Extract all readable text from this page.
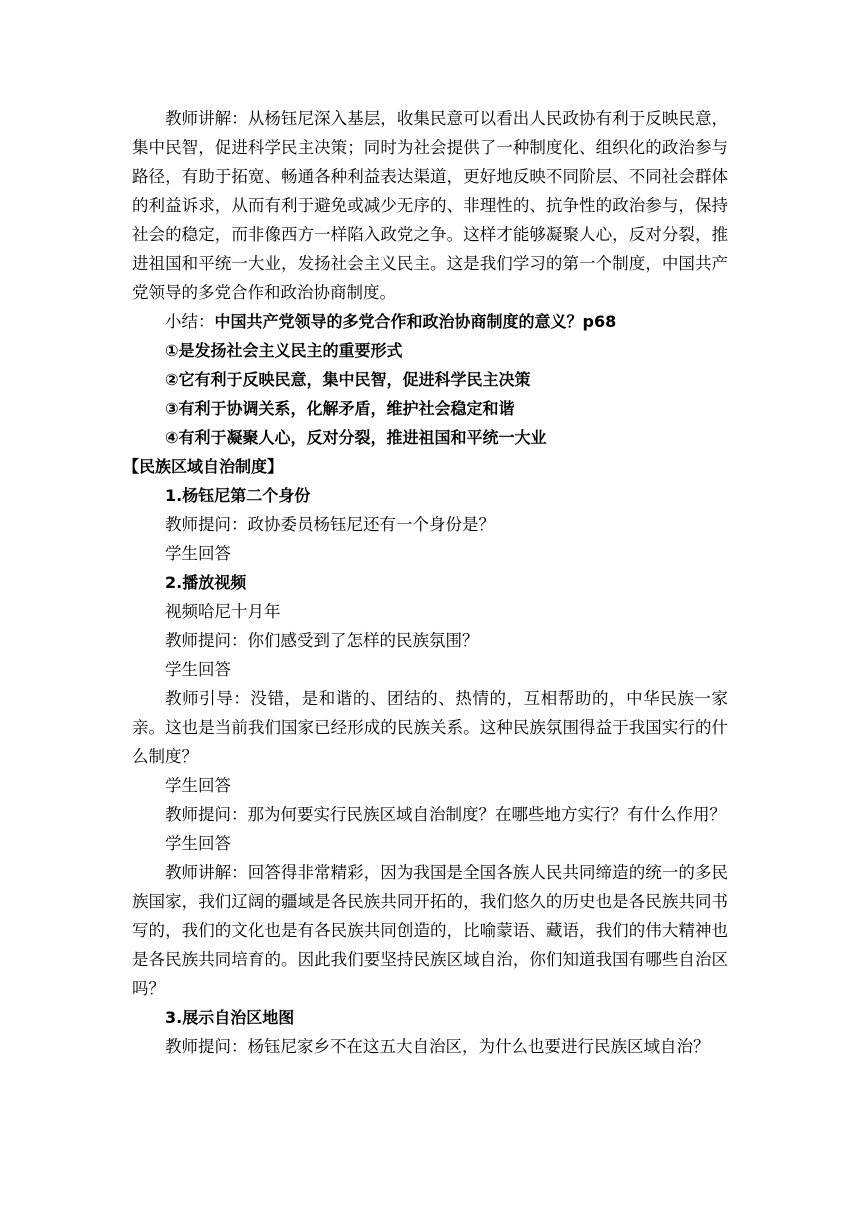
教师讲解：从杨钰尼深入基层，收集民意可以看出人民政协有利于反映民意，集中民智，促进科学民主决策；同时为社会提供了一种制度化、组织化的政治参与路径，有助于拓宽、畅通各种利益表达渠道，更好地反映不同阶层、不同社会群体的利益诉求，从而有利于避免或减少无序的、非理性的、抗争性的政治参与，保持社会的稳定，而非像西方一样陷入政党之争。这样才能够凝聚人心，反对分裂，推进祖国和平统一大业，发扬社会主义民主。这是我们学习的第一个制度，中国共产党领导的多党合作和政治协商制度。

小结：中国共产党领导的多党合作和政治协商制度的意义？p68

①是发扬社会主义民主的重要形式

②它有利于反映民意，集中民智，促进科学民主决策

③有利于协调关系，化解矛盾，维护社会稳定和谐

④有利于凝聚人心，反对分裂，推进祖国和平统一大业

【民族区域自治制度】

1.杨钰尼第二个身份

教师提问：政协委员杨钰尼还有一个身份是？

学生回答

2.播放视频

视频哈尼十月年

教师提问：你们感受到了怎样的民族氛围？

学生回答

教师引导：没错，是和谐的、团结的、热情的，互相帮助的，中华民族一家亲。这也是当前我们国家已经形成的民族关系。这种民族氛围得益于我国实行的什么制度？

学生回答

教师提问：那为何要实行民族区域自治制度？在哪些地方实行？有什么作用？

学生回答

教师讲解：回答得非常精彩，因为我国是全国各族人民共同缔造的统一的多民族国家，我们辽阔的疆域是各民族共同开拓的，我们悠久的历史也是各民族共同书写的，我们的文化也是有各民族共同创造的，比喻蒙语、藏语，我们的伟大精神也是各民族共同培育的。因此我们要坚持民族区域自治，你们知道我国有哪些自治区吗？

3.展示自治区地图

教师提问：杨钰尼家乡不在这五大自治区，为什么也要进行民族区域自治？
